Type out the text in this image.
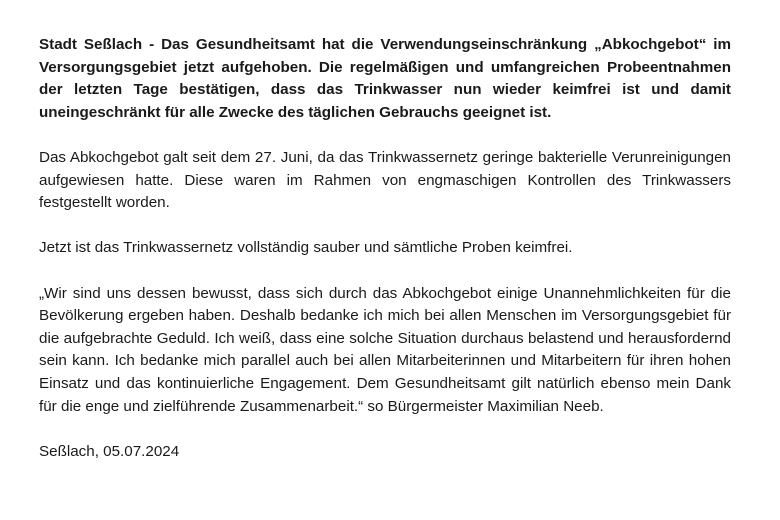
Stadt Seßlach - Das Gesundheitsamt hat die Verwendungseinschränkung „Abkochgebot“ im Versorgungsgebiet jetzt aufgehoben. Die regelmäßigen und umfangreichen Probeentnahmen der letzten Tage bestätigen, dass das Trinkwasser nun wieder keimfrei ist und damit uneingeschränkt für alle Zwecke des täglichen Gebrauchs geeignet ist.

Das Abkochgebot galt seit dem 27. Juni, da das Trinkwassernetz geringe bakterielle Verunreinigungen aufgewiesen hatte. Diese waren im Rahmen von engmaschigen Kontrollen des Trinkwassers festgestellt worden.

Jetzt ist das Trinkwassernetz vollständig sauber und sämtliche Proben keimfrei.

„Wir sind uns dessen bewusst, dass sich durch das Abkochgebot einige Unannehmlichkeiten für die Bevölkerung ergeben haben. Deshalb bedanke ich mich bei allen Menschen im Versorgungsgebiet für die aufgebrachte Geduld. Ich weiß, dass eine solche Situation durchaus belastend und herausfordernd sein kann. Ich bedanke mich parallel auch bei allen Mitarbeiterinnen und Mitarbeitern für ihren hohen Einsatz und das kontinuierliche Engagement. Dem Gesundheitsamt gilt natürlich ebenso mein Dank für die enge und zielführende Zusammenarbeit.“ so Bürgermeister Maximilian Neeb.

Seßlach, 05.07.2024
